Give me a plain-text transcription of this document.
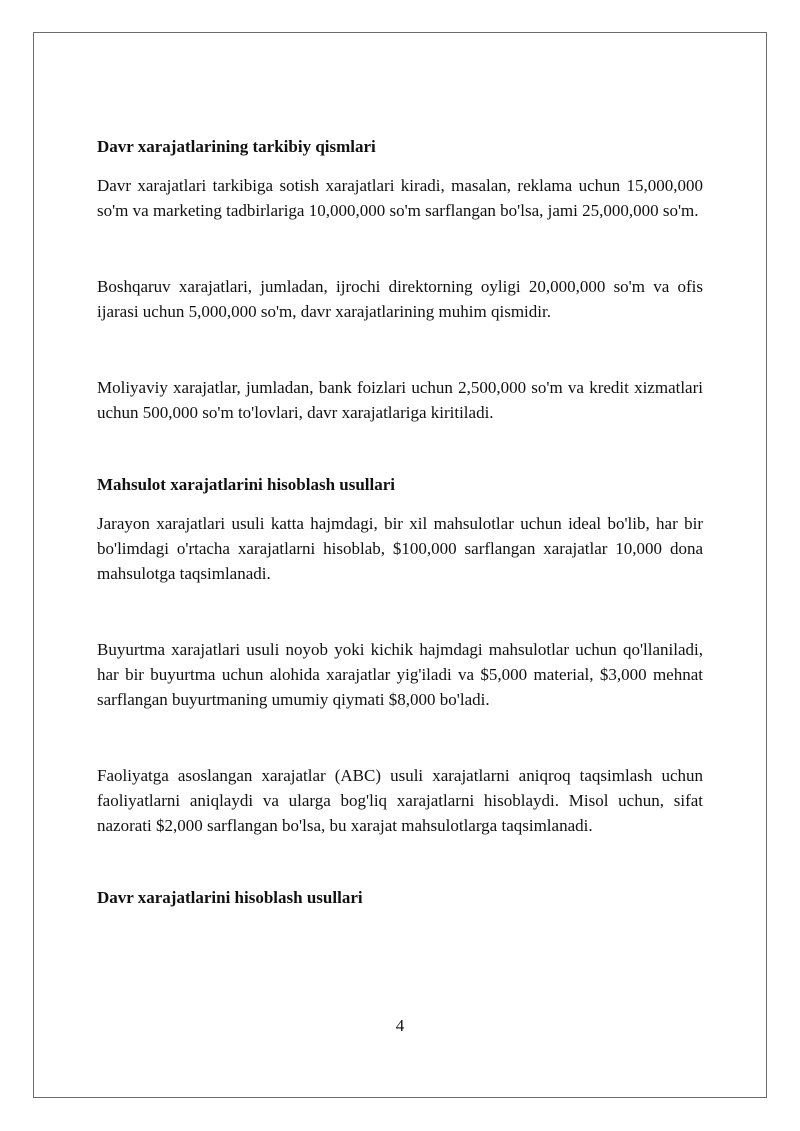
Davr xarajatlarining tarkibiy qismlari

Davr xarajatlari tarkibiga sotish xarajatlari kiradi, masalan, reklama uchun 15,000,000 so'm va marketing tadbirlariga 10,000,000 so'm sarflangan bo'lsa, jami 25,000,000 so'm.

Boshqaruv xarajatlari, jumladan, ijrochi direktorning oyligi 20,000,000 so'm va ofis ijarasi uchun 5,000,000 so'm, davr xarajatlarining muhim qismidir.

Moliyaviy xarajatlar, jumladan, bank foizlari uchun 2,500,000 so'm va kredit xizmatlari uchun 500,000 so'm to'lovlari, davr xarajatlariga kiritiladi.

Mahsulot xarajatlarini hisoblash usullari

Jarayon xarajatlari usuli katta hajmdagi, bir xil mahsulotlar uchun ideal bo'lib, har bir bo'limdagi o'rtacha xarajatlarni hisoblab, $100,000 sarflangan xarajatlar 10,000 dona mahsulotga taqsimlanadi.

Buyurtma xarajatlari usuli noyob yoki kichik hajmdagi mahsulotlar uchun qo'llaniladi, har bir buyurtma uchun alohida xarajatlar yig'iladi va $5,000 material, $3,000 mehnat sarflangan buyurtmaning umumiy qiymati $8,000 bo'ladi.

Faoliyatga asoslangan xarajatlar (ABC) usuli xarajatlarni aniqroq taqsimlash uchun faoliyatlarni aniqlaydi va ularga bog'liq xarajatlarni hisoblaydi. Misol uchun, sifat nazorati $2,000 sarflangan bo'lsa, bu xarajat mahsulotlarga taqsimlanadi.

Davr xarajatlarini hisoblash usullari
4
